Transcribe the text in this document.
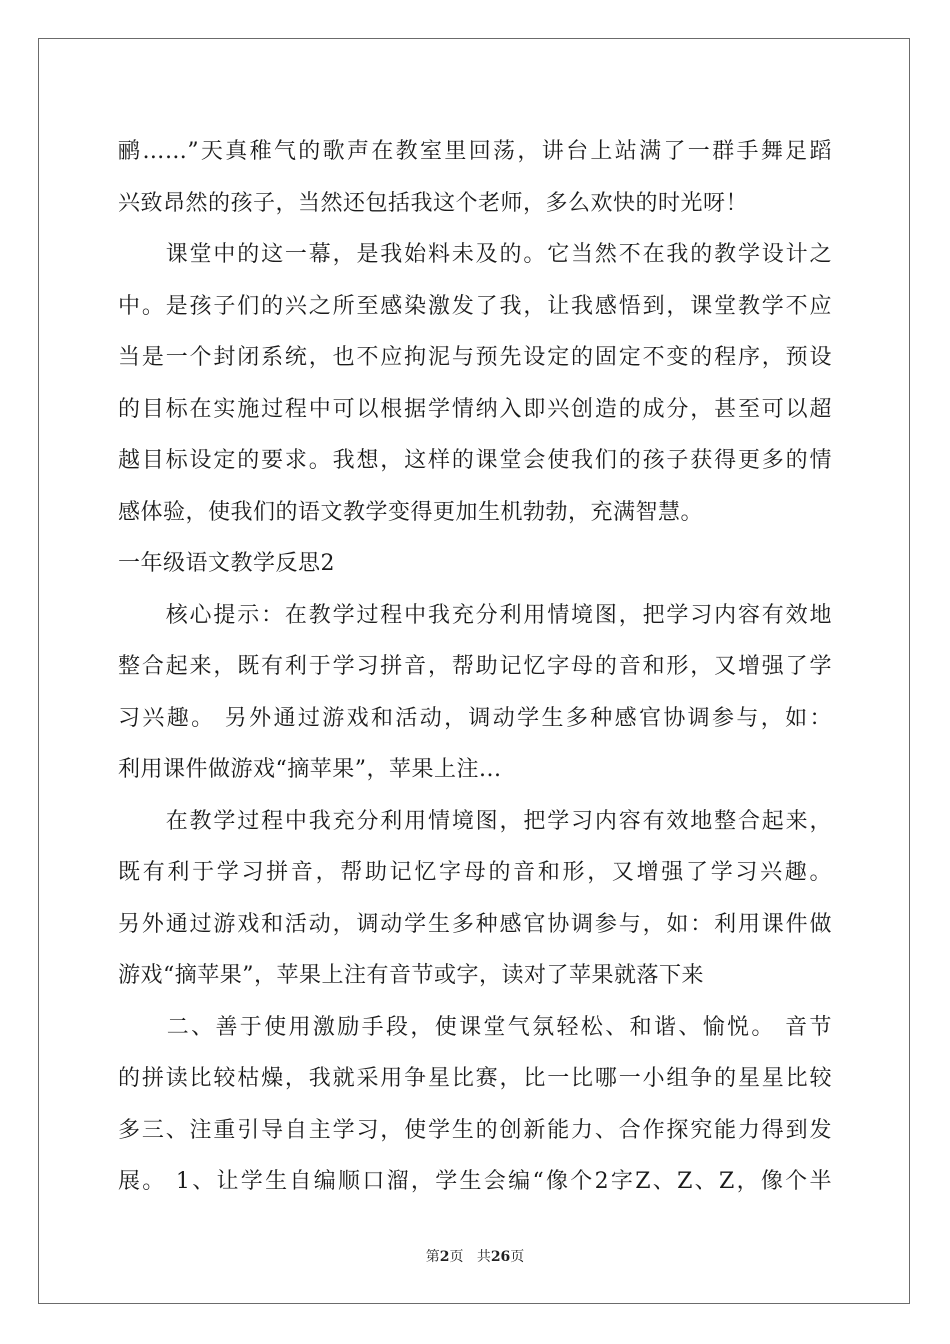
鹂……”天真稚气的歌声在教室里回荡，讲台上站满了一群手舞足蹈
兴致昂然的孩子，当然还包括我这个老师，多么欢快的时光呀！
　　课堂中的这一幕，是我始料未及的。它当然不在我的教学设计之
中。是孩子们的兴之所至感染激发了我，让我感悟到，课堂教学不应
当是一个封闭系统，也不应拘泥与预先设定的固定不变的程序，预设
的目标在实施过程中可以根据学情纳入即兴创造的成分，甚至可以超
越目标设定的要求。我想，这样的课堂会使我们的孩子获得更多的情
感体验，使我们的语文教学变得更加生机勃勃，充满智慧。
一年级语文教学反思2
　　核心提示：在教学过程中我充分利用情境图，把学习内容有效地
整合起来，既有利于学习拼音，帮助记忆字母的音和形，又增强了学
习兴趣。 另外通过游戏和活动，调动学生多种感官协调参与，如：
利用课件做游戏“摘苹果”，苹果上注...
　　在教学过程中我充分利用情境图，把学习内容有效地整合起来，
既有利于学习拼音，帮助记忆字母的音和形，又增强了学习兴趣。
另外通过游戏和活动，调动学生多种感官协调参与，如：利用课件做
游戏“摘苹果”，苹果上注有音节或字，读对了苹果就落下来
　　二、善于使用激励手段，使课堂气氛轻松、和谐、愉悦。 音节
的拼读比较枯燥，我就采用争星比赛，比一比哪一小组争的星星比较
多三、注重引导自主学习，使学生的创新能力、合作探究能力得到发
展。 1、让学生自编顺口溜，学生会编“像个2字Z、Z、Z，像个半
第2页 共26页
